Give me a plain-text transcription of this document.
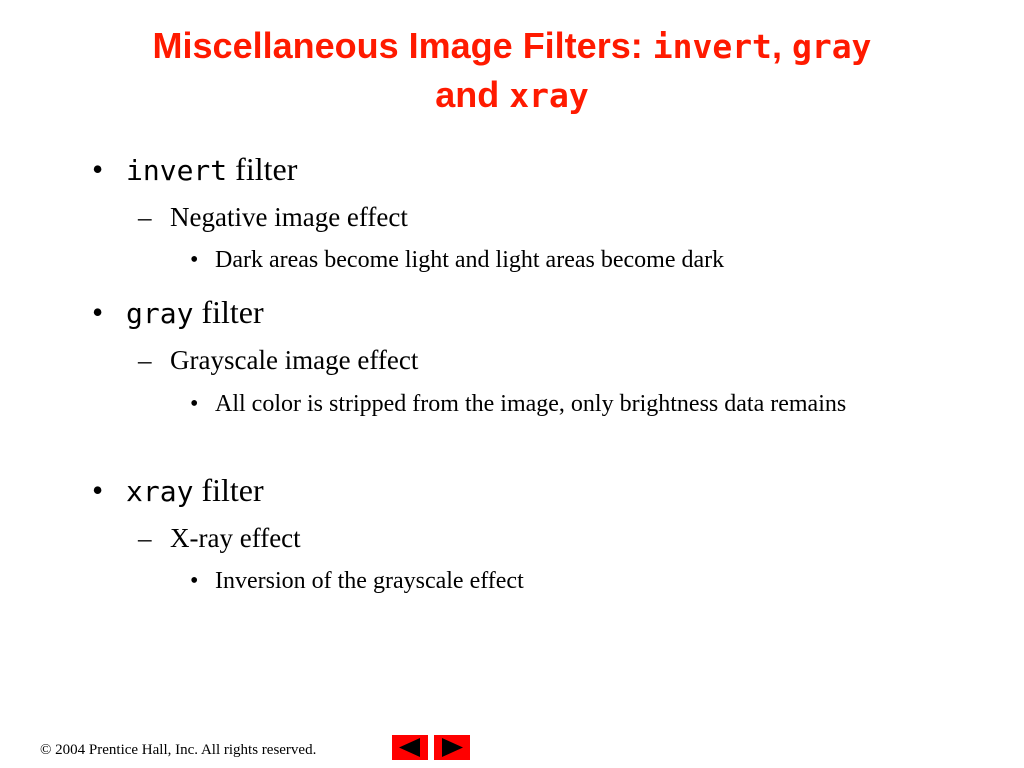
Miscellaneous Image Filters: invert, gray
and xray
• invert filter
– Negative image effect
• Dark areas become light and light areas become dark
• gray filter
– Grayscale image effect
• All color is stripped from the image, only brightness data remains
• xray filter
– X-ray effect
• Inversion of the grayscale effect
© 2004 Prentice Hall, Inc. All rights reserved.
